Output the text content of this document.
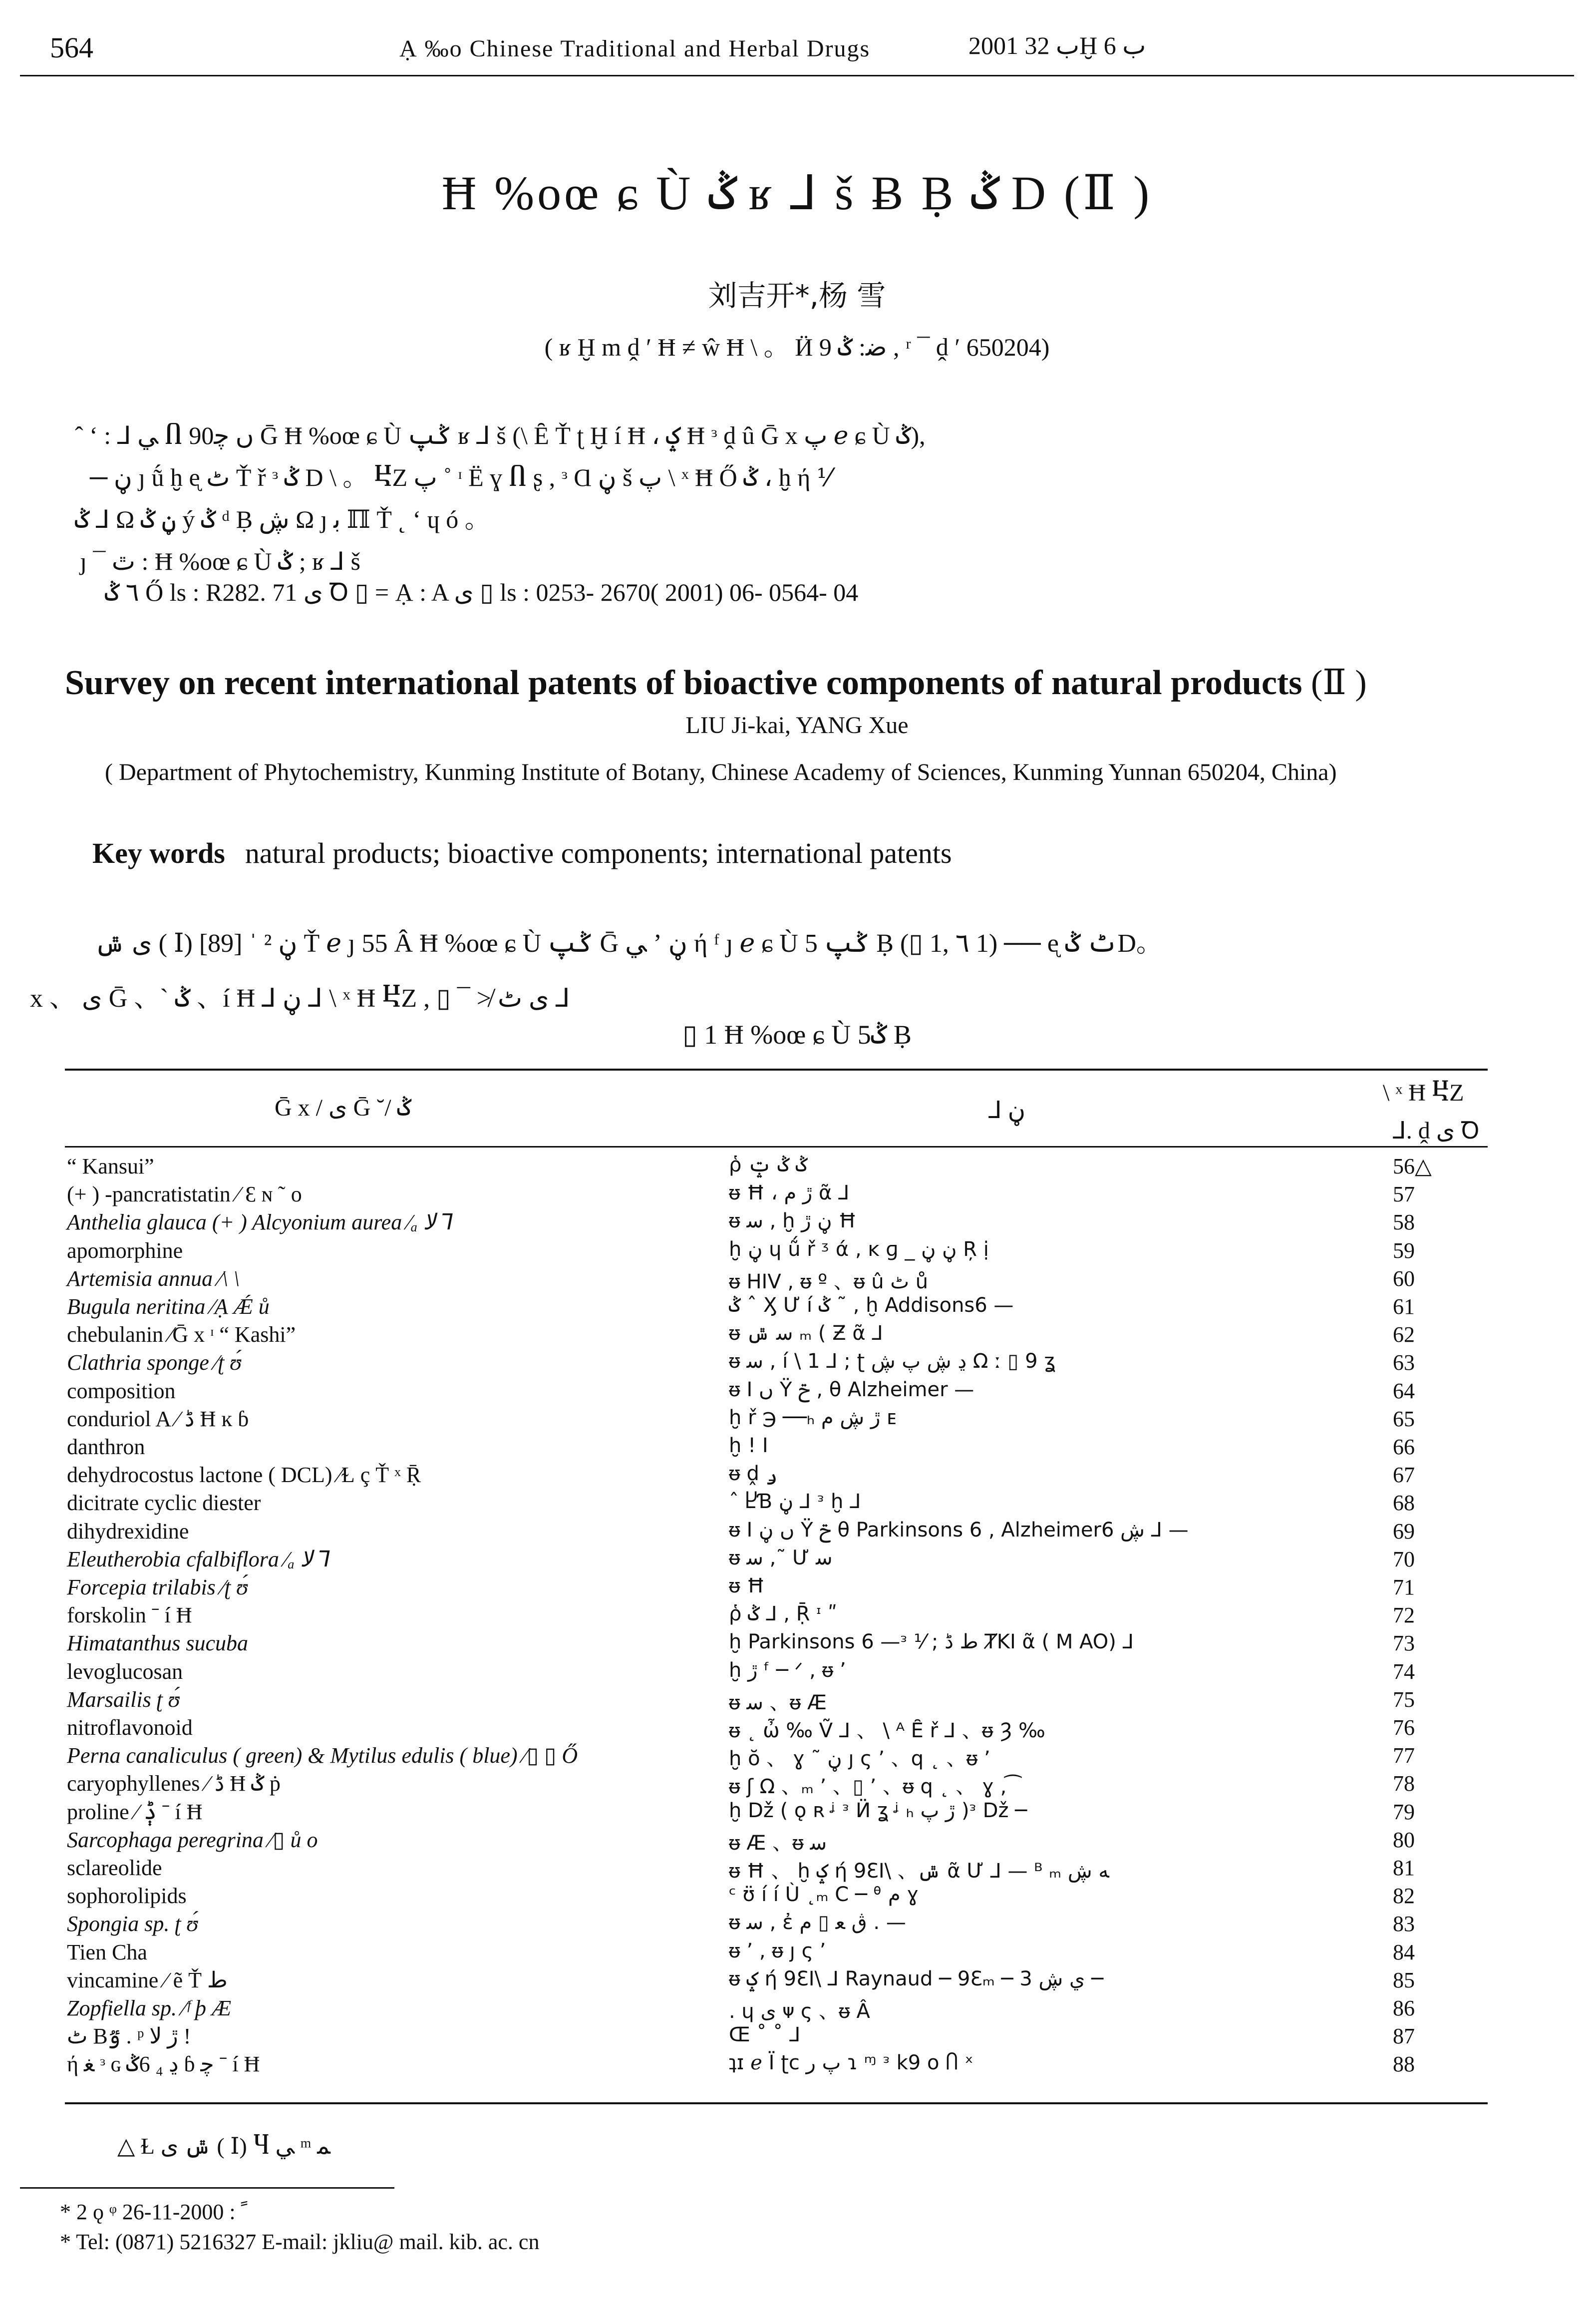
564	Ạ ‰o Chinese Traditional and Herbal Drugs	2001 ب 32Ḫ ب 6
Ħ %oœ ɕ Ù ݣ ʁ ⅃ š Ƀ Ḅ ݣ D (Ⅱ )
刘吉开*,杨 雪
( ʁ Ḫ m ḓ ′ Ħ ≠ ŵ Ħ \ 。 Ӥ ﺿ: ݣ 9 , ʳ ¯ ḓ ′ 650204)
ˆ ʻ : ⅃ ﻲ Ⴖ 90ں ﭼ Ḡ Ħ %oœ ɕ Ù ݣپ ʁ ⅃ š (\ Ȇ Ť ʈ Ḫ í Ħ ، ݤ Ħ ᵌ ḓ û Ḡ x پ ℯ ɕ Ù ݣ),
─ ڼ ȷ ṹ ḫ ᶒ ٹ Ť ř ᵌ ݣ D \ 。 ႾZ پ ˚ ᶦ Ë ɣ Ⴖ ʂ , ᵌ Ɑ ڼ š پ \ ˣ Ħ Ő ݣ ، ḫ ή ⅟
ݣ ⅃ Ω ڼ ݣ ý ݣ ᵈ Ḅ ڜ Ω ȷ ﺑ ℿ Ť ˛ ʻ ɥ ó 。
ȷ ¯ ٿ : Ħ %oœ ɕ Ù ݣ ; ʁ ⅃ š
٦ ݣ Ő ls : R282. 71 ﻯ Ꝺ ▯ = Ạ : A ﻯ ▯ ls : 0253- 2670( 2001) 06- 0564- 04
Survey on recent international patents of bioactive components of natural products (Ⅱ )
LIU Ji-kai, YANG Xue
( Department of Phytochemistry, Kunming Institute of Botany, Chinese Academy of Sciences, Kunming Yunnan 650204, China)
Key words natural products; bioactive components; international patents
ﻯ ݜ ( Ⅰ) [89] ˈ ² ڼ Ť ℯ ȷ 55 Â Ħ %oœ ɕ Ù ݣپ Ḡ ﻲ ʼ ڼ ή ᶠ ȷ ℯ ɕ Ù ݣپ 5 Ḅ (▯ 1, ٦ 1) ── ᶒ ٹ ݣD。
x 、 ﻯ Ḡ 、ˋ ݣ 、í Ħ ⅃ ڼ ⅃ \ ˣ Ħ ႾZ , ▯ ¯ ≯ ﻯ ٹ ⅃
▯ 1 Ħ %oœ ɕ Ù ݣ5 Ḅ
Ḡ x / ﻯ Ḡ ˘/ ݣ	⅃ ڼ
\ ˣ Ħ ႾZ
⅃. ḓ ﻯ Ꝺ
“ Kansui”	ῥ ݣ ݣ ݓ	56△
(+ ) -pancratistatin ⁄ Ɛ ɴ ˜ o	ᵿ Ħ ، ڙ م ᾶ ⅃	57
Anthelia glauca (+ ) Alcyonium aurea ⁄ₐ ﻻ ⅂	ᵿ ﺳ , ḫ ڼ ڙ Ħ	58
apomorphine	ḫ ڼ ɥ ṹ ř ᶾ ά , ĸ ɡ _ ڼ ڼ Ŗ ị	59
Artemisia annua ⁄\ \	ᵿ HIV , ᵿ º 、ᵿ û ٹ ů	60
Bugula neritina ⁄Ạ Ǽ ů	ݣ ˆ Ӽ Ư í ݣ ˜ , ḫ Addisons6 —	61
chebulanin ⁄Ḡ x ᶦ “ Kashi”	ᵿ ﺳ ݜ ₘ ( Ƶ ᾶ ⅃	62
Clathria sponge ⁄ʈ ʊ́	ᵿ ﺳ , í \ 1 ⅃ ; ʈ ڍ ڜ پ ڜ Ω ː ▯ 9 ʓ	63
composition	ᵿ I ں Ÿ ݗ , θ Alzheimer —	64
conduriol A ⁄ ڈ Ħ ĸ ɓ	ḫ ř ℈ ──ₕ ڙ ڜ م ᴇ	65
danthron	ḫ ! I	66
dehydrocostus lactone ( DCL) ⁄Ɫ ç Ť ˣ Ṝ	ᵿ ḓ ݛ	67
dicitrate cyclic diester	ˆ ႾƁ ڼ ⅃ ᵌ ḫ ⅃	68
dihydrexidine	ᵿ I ں ڼ Ÿ ݗ θ Parkinsons 6 , Alzheimer6 ڜ ⅃ —	69
Eleutherobia cfalbiflora ⁄ₐ ﻻ ⅂	ᵿ ﺳ ,˜ Ư ﺳ	70
Forcepia trilabis ⁄ʈ ʊ́	ᵿ Ħ	71
forskolin ˉ í Ħ	ῥ ݣ ⅃ , Ṝ ᶦ ʺ	72
Himatanthus sucuba	ḫ Parkinsons 6 —ᵌ ⅟ ; ط ڈ ȾKI ᾶ ( M AO) ⅃	73
levoglucosan	ḫ ڙ ᶠ ─ ᐟ , ᵿ ’	74
Marsailis ʈ ʊ́	ᵿ ﺳ 、ᵿ Æ	75
nitroflavonoid	ᵿ ˛ ὦ ‰ Ṽ ⅃ 、 \ ᴬ Ȇ ř ⅃ 、ᵿ Ȝ ‰	76
Perna canaliculus ( green) & Mytilus edulis ( blue) ⁄▯ ▯ Ő	ḫ ŏ 、 ɣ ˜ ڼ ȷ ς ’ 、q ˛ 、ᵿ ’	77
caryophyllenes ⁄ ڈ Ħ ݣ ṗ	ᵿ ʃ Ω 、ₘ ’ 、▯ ’ 、ᵿ q ˛ 、 ɣ , ͡	78
proline ⁄ ݙ ˉ í Ħ	ḫ Dž ( ǫ ʀ ᶨ ᵌ Ӥ ʓ ᶨ ₕ ڙ پ )ᵌ Dž ─	79
Sarcophaga peregrina ⁄▯ ů o	ᵿ Æ 、ᵿ ﺳ	80
sclareolide	ᵿ Ħ 、 ḫ ݤ ή 9ƐI\ 、ݜ ᾶ Ư ⅃ — ᴮ ₘ ﻪ ڜ	81
sophorolipids	ᶜ ʊ̈ í í Ù ˛ₘ C ─ ᶿ م ɣ	82
Spongia sp. ʈ ʊ́	ᵿ ﺳ , ἐ ڨ ﻌ ▯ م . —	83
Tien Cha	ᵿ ’ , ᵿ ȷ ς ’	84
vincamine ⁄ ẽ Ť ط	ᵿ ݤ ή 9ƐI\ ⅃ Raynaud ─ 9Ɛₘ ─ 3 ﻱ ڜ ─	85
Zopfiella sp. ⁄ᶠ þ Æ	. ɥ ﻯ ᴪ ς 、ᵿ Â	86
ٹ Bٷ . ᵖ ڙ ﻻ !	Œ ˚ ˚ ⅃	87
ή ﻐ ᵌ ɢ ڍ ₄ 6ݣ ɓ ﭼ ˉ í Ħ	ʇɪ ℯ Ï ʈc پ ر ɿ ᶬ ᵌ k9 o Ⴖ ˣ	88
△ Ɫ ݜ ﻯ ( Ⅰ) Ⴗ ﻲ ᵐ ﻤ
* 2 ǫ ᵠ ﹰ : 2000-11-26
* Tel: (0871) 5216327 E-mail: jkliu@ mail. kib. ac. cn
